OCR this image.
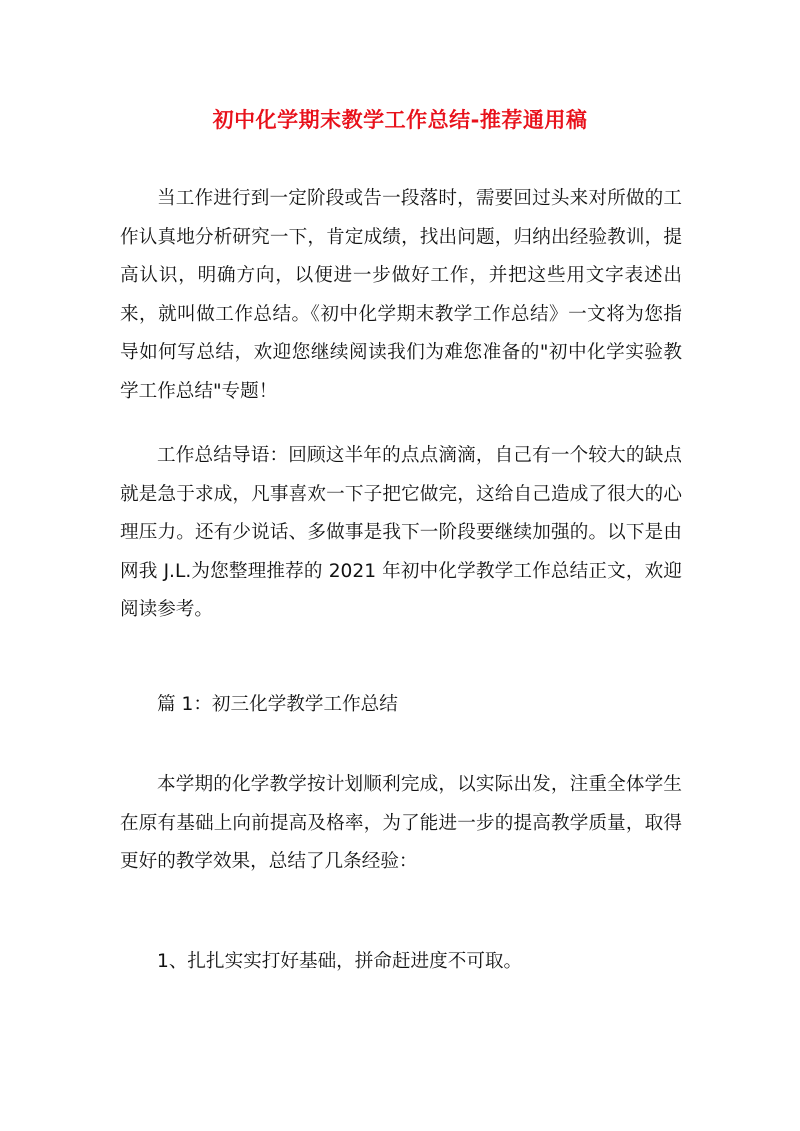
初中化学期末教学工作总结-推荐通用稿
当工作进行到一定阶段或告一段落时，需要回过头来对所做的工作认真地分析研究一下，肯定成绩，找出问题，归纳出经验教训，提高认识，明确方向，以便进一步做好工作，并把这些用文字表述出来，就叫做工作总结。《初中化学期末教学工作总结》一文将为您指导如何写总结，欢迎您继续阅读我们为难您准备的"初中化学实验教学工作总结"专题！
工作总结导语：回顾这半年的点点滴滴，自己有一个较大的缺点就是急于求成，凡事喜欢一下子把它做完，这给自己造成了很大的心理压力。还有少说话、多做事是我下一阶段要继续加强的。以下是由网我 J.L.为您整理推荐的 2021 年初中化学教学工作总结正文，欢迎阅读参考。
篇 1：初三化学教学工作总结
本学期的化学教学按计划顺利完成，以实际出发，注重全体学生在原有基础上向前提高及格率，为了能进一步的提高教学质量，取得更好的教学效果，总结了几条经验：
1、扎扎实实打好基础，拼命赶进度不可取。
